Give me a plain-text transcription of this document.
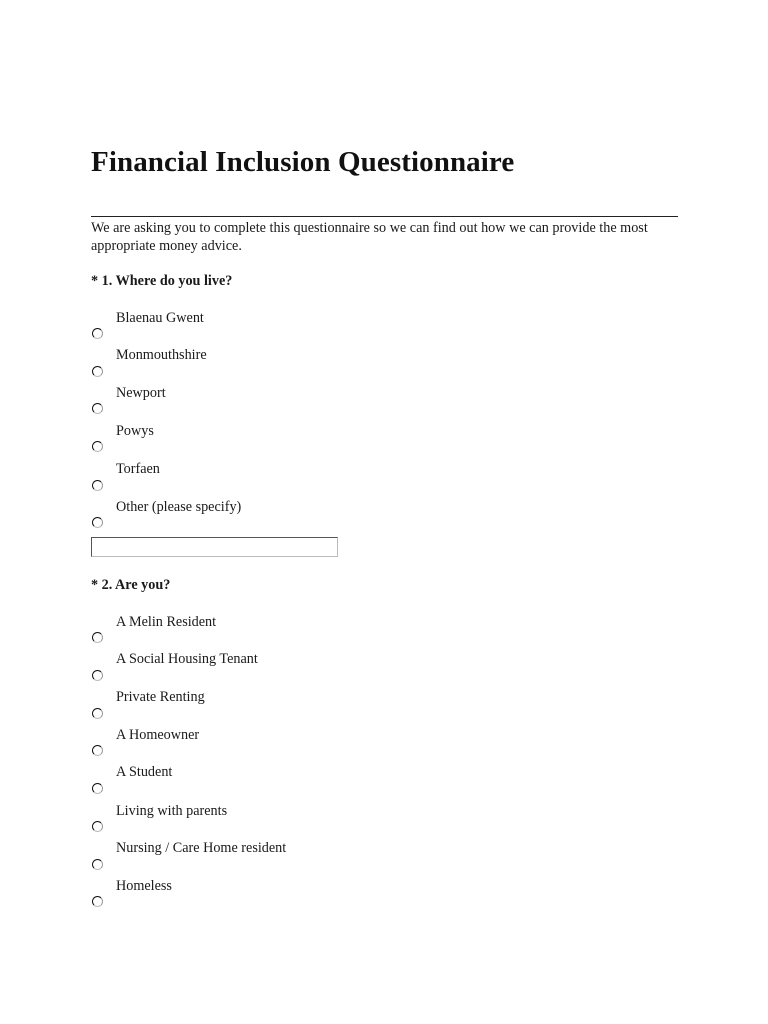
Financial Inclusion Questionnaire

We are asking you to complete this questionnaire so we can find out how we can provide the most appropriate money advice.

* 1. Where do you live?

Blaenau Gwent
Monmouthshire
Newport
Powys
Torfaen
Other (please specify)

* 2. Are you?

A Melin Resident
A Social Housing Tenant
Private Renting
A Homeowner
A Student
Living with parents
Nursing / Care Home resident
Homeless
